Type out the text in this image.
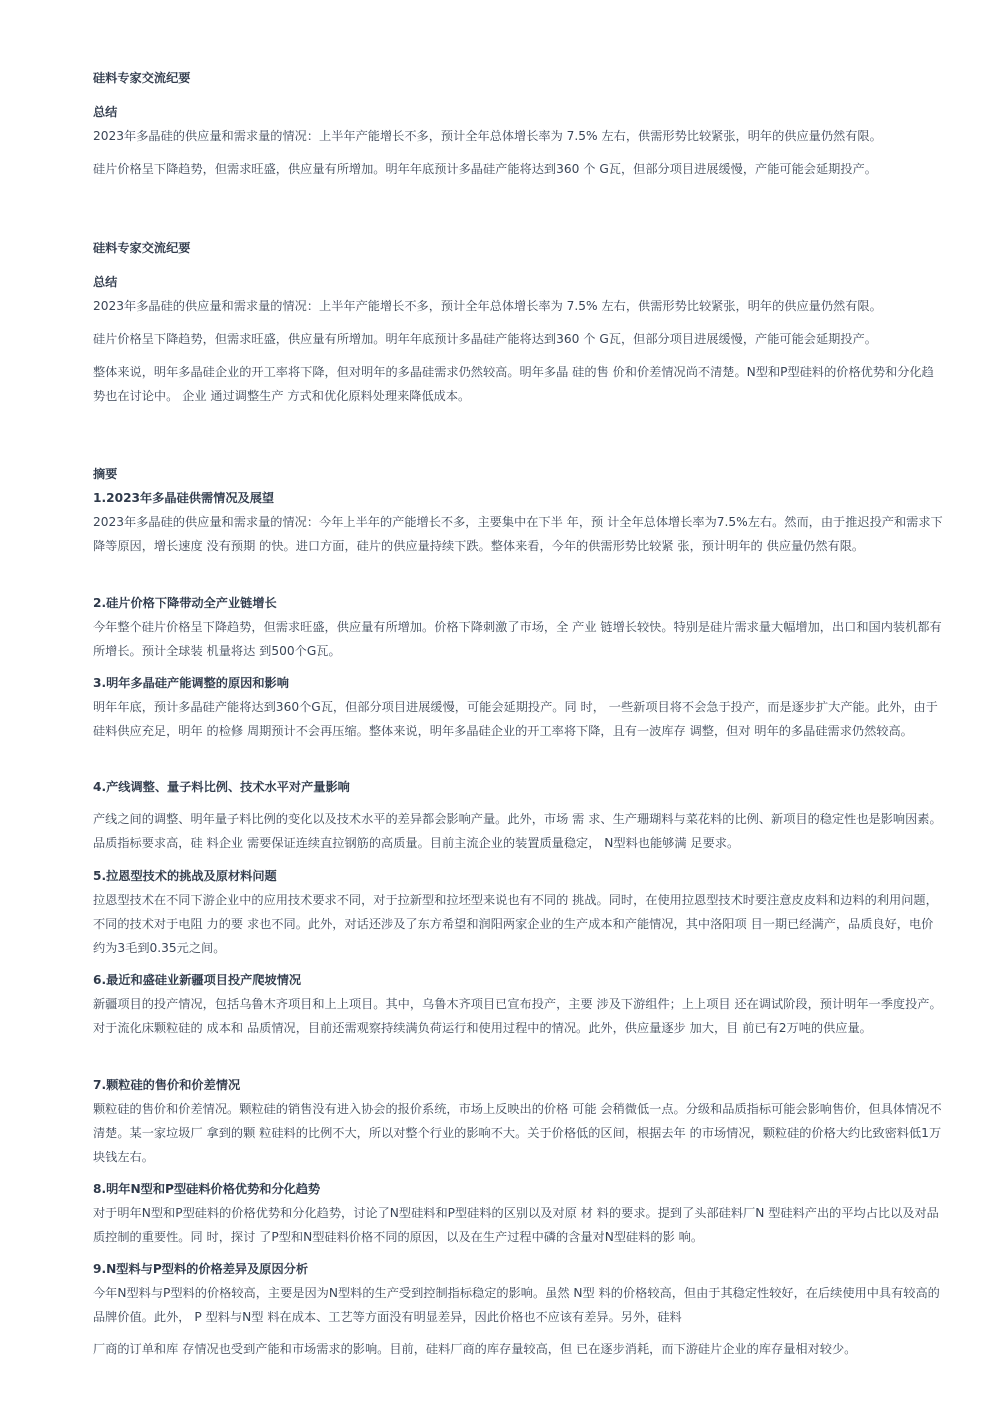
硅料专家交流纪要
总结

2023年多晶硅的供应量和需求量的情况：上半年产能增长不多，预计全年总体增长率为 7.5% 左右，供需形势比较紧张，明年的供应量仍然有限。

硅片价格呈下降趋势，但需求旺盛，供应量有所增加。明年年底预计多晶硅产能将达到360 个 G瓦，但部分项目进展缓慢，产能可能会延期投产。

硅料专家交流纪要
总结

2023年多晶硅的供应量和需求量的情况：上半年产能增长不多，预计全年总体增长率为 7.5% 左右，供需形势比较紧张，明年的供应量仍然有限。

硅片价格呈下降趋势，但需求旺盛，供应量有所增加。明年年底预计多晶硅产能将达到360 个 G瓦，但部分项目进展缓慢，产能可能会延期投产。

整体来说，明年多晶硅企业的开工率将下降，但对明年的多晶硅需求仍然较高。明年多晶 硅的售 价和价差情况尚不清楚。N型和P型硅料的价格优势和分化趋势也在讨论中。 企业 通过调整生产 方式和优化原料处理来降低成本。

摘要
1.2023年多晶硅供需情况及展望

2023年多晶硅的供应量和需求量的情况：今年上半年的产能增长不多，主要集中在下半 年，预 计全年总体增长率为7.5%左右。然而，由于推迟投产和需求下降等原因，增长速度 没有预期 的快。进口方面，硅片的供应量持续下跌。整体来看，今年的供需形势比较紧 张，预计明年的 供应量仍然有限。

2.硅片价格下降带动全产业链增长

今年整个硅片价格呈下降趋势，但需求旺盛，供应量有所增加。价格下降刺激了市场，全 产业 链增长较快。特别是硅片需求量大幅增加，出口和国内装机都有所增长。预计全球装 机量将达 到500个G瓦。

3.明年多晶硅产能调整的原因和影响

明年年底，预计多晶硅产能将达到360个G瓦，但部分项目进展缓慢，可能会延期投产。同 时， 一些新项目将不会急于投产，而是逐步扩大产能。此外，由于硅料供应充足，明年 的检修 周期预计不会再压缩。整体来说，明年多晶硅企业的开工率将下降，且有一波库存 调整，但对 明年的多晶硅需求仍然较高。

4.产线调整、量子料比例、技术水平对产量影响

产线之间的调整、明年量子料比例的变化以及技术水平的差异都会影响产量。此外，市场 需 求、生产珊瑚料与菜花料的比例、新项目的稳定性也是影响因素。品质指标要求高，硅 料企业 需要保证连续直拉钢筋的高质量。目前主流企业的装置质量稳定， N型料也能够满 足要求。

5.拉恩型技术的挑战及原材料问题

拉恩型技术在不同下游企业中的应用技术要求不同，对于拉新型和拉坯型来说也有不同的 挑战。同时，在使用拉恩型技术时要注意皮皮料和边料的利用问题，不同的技术对于电阻 力的要 求也不同。此外，对话还涉及了东方希望和润阳两家企业的生产成本和产能情况，其中洛阳项 目一期已经满产，品质良好，电价约为3毛到0.35元之间。

6.最近和盛硅业新疆项目投产爬坡情况

新疆项目的投产情况，包括乌鲁木齐项目和上上项目。其中，乌鲁木齐项目已宣布投产，主要 涉及下游组件；上上项目 还在调试阶段，预计明年一季度投产。对于流化床颗粒硅的 成本和 品质情况，目前还需观察持续满负荷运行和使用过程中的情况。此外，供应量逐步 加大，目 前已有2万吨的供应量。

7.颗粒硅的售价和价差情况

颗粒硅的售价和价差情况。颗粒硅的销售没有进入协会的报价系统，市场上反映出的价格 可能 会稍微低一点。分级和品质指标可能会影响售价，但具体情况不清楚。某一家垃圾厂 拿到的颗 粒硅料的比例不大，所以对整个行业的影响不大。关于价格低的区间，根据去年 的市场情况，颗粒硅的价格大约比致密料低1万块钱左右。

8.明年N型和P型硅料价格优势和分化趋势

对于明年N型和P型硅料的价格优势和分化趋势，讨论了N型硅料和P型硅料的区别以及对原 材 料的要求。提到了头部硅料厂N 型硅料产出的平均占比以及对品质控制的重要性。同 时，探讨 了P型和N型硅料价格不同的原因，以及在生产过程中磷的含量对N型硅料的影 响。

9.N型料与P型料的价格差异及原因分析

今年N型料与P型料的价格较高，主要是因为N型料的生产受到控制指标稳定的影响。虽然 N型 料的价格较高，但由于其稳定性较好，在后续使用中具有较高的品牌价值。此外， P 型料与N型 料在成本、工艺等方面没有明显差异，因此价格也不应该有差异。另外，硅料

厂商的订单和库 存情况也受到产能和市场需求的影响。目前，硅料厂商的库存量较高，但 已在逐步消耗，而下游硅片企业的库存量相对较少。
